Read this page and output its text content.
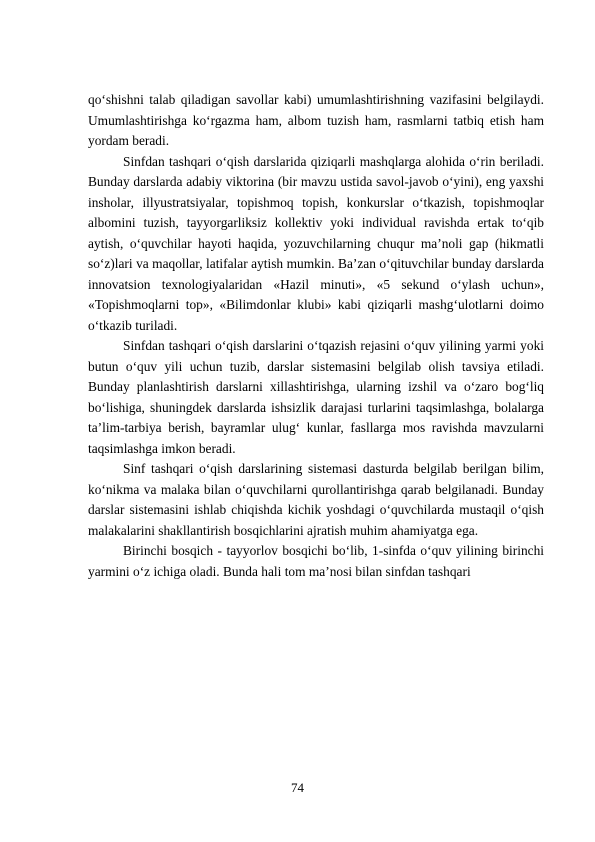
qo‘shishni talab qiladigan savollar kabi) umumlashtirishning vazifasini belgilaydi. Umumlashtirishga ko‘rgazma ham, albom tuzish ham, rasmlarni tatbiq etish ham yordam beradi.

Sinfdan tashqari o‘qish darslarida qiziqarli mashqlarga alohida o‘rin beriladi. Bunday darslarda adabiy viktorina (bir mavzu ustida savol-javob o‘yini), eng yaxshi insholar, illyustratsiyalar, topishmoq topish, konkurslar o‘tkazish, topishmoqlar albomini tuzish, tayyorgarliksiz kollektiv yoki individual ravishda ertak to‘qib aytish, o‘quvchilar hayoti haqida, yozuvchilarning chuqur ma’noli gap (hikmatli so‘z)lari va maqollar, latifalar aytish mumkin. Ba’zan o‘qituvchilar bunday darslarda innovatsion texnologiyalaridan «Hazil minuti», «5 sekund o‘ylash uchun», «Topishmoqlarni top», «Bilimdonlar klubi» kabi qiziqarli mashg‘ulotlarni doimo o‘tkazib turiladi.

Sinfdan tashqari o‘qish darslarini o‘tqazish rejasini o‘quv yilining yarmi yoki butun o‘quv yili uchun tuzib, darslar sistemasini belgilab olish tavsiya etiladi. Bunday planlashtirish darslarni xillashtirishga, ularning izshil va o‘zaro bog‘liq bo‘lishiga, shuningdek darslarda ishsizlik darajasi turlarini taqsimlashga, bolalarga ta’lim-tarbiya berish, bayramlar ulug‘ kunlar, fasllarga mos ravishda mavzularni taqsimlashga imkon beradi.

Sinf tashqari o‘qish darslarining sistemasi dasturda belgilab berilgan bilim, ko‘nikma va malaka bilan o‘quvchilarni qurollantirishga qarab belgilanadi. Bunday darslar sistemasini ishlab chiqishda kichik yoshdagi o‘quvchilarda mustaqil o‘qish malakalarini shakllantirish bosqichlarini ajratish muhim ahamiyatga ega.

Birinchi bosqich - tayyorlov bosqichi bo‘lib, 1-sinfda o‘quv yilining birinchi yarmini o‘z ichiga oladi. Bunda hali tom ma’nosi bilan sinfdan tashqari

74
